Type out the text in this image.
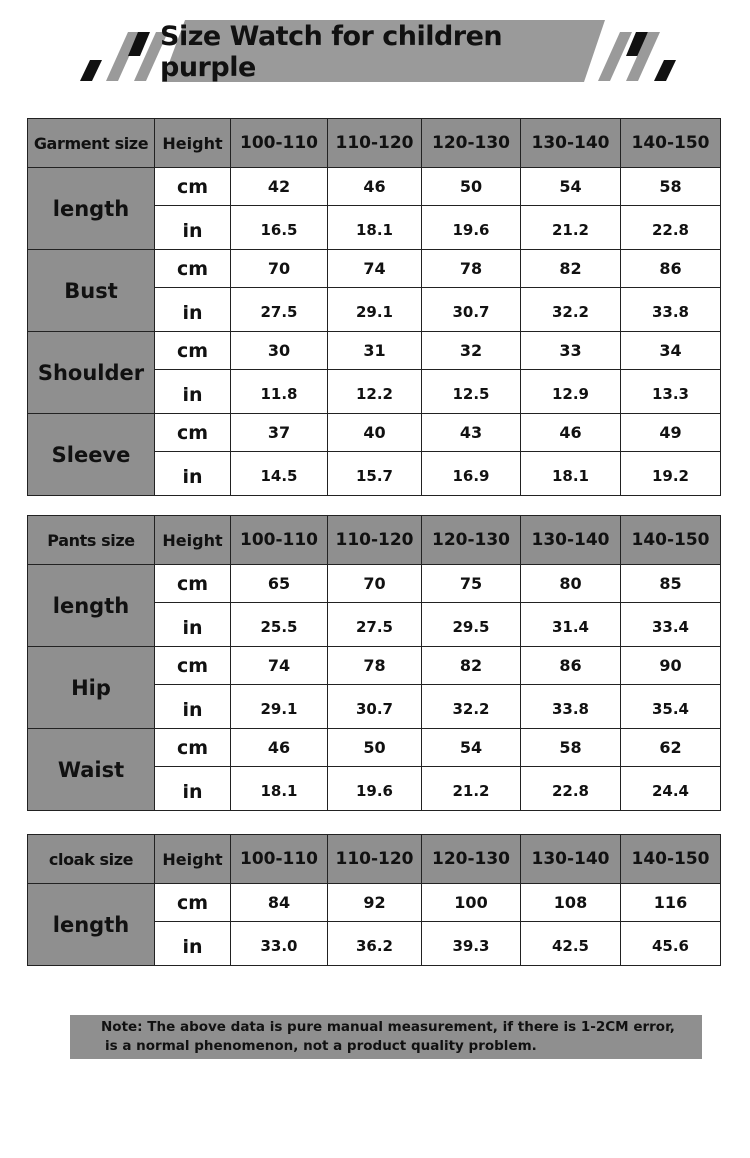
Size Watch for children purple
Garment size	Height	100-110	110-120	120-130	130-140	140-150
length	cm	42	46	50	54	58
	in	16.5	18.1	19.6	21.2	22.8
Bust	cm	70	74	78	82	86
	in	27.5	29.1	30.7	32.2	33.8
Shoulder	cm	30	31	32	33	34
	in	11.8	12.2	12.5	12.9	13.3
Sleeve	cm	37	40	43	46	49
	in	14.5	15.7	16.9	18.1	19.2
Pants size	Height	100-110	110-120	120-130	130-140	140-150
length	cm	65	70	75	80	85
	in	25.5	27.5	29.5	31.4	33.4
Hip	cm	74	78	82	86	90
	in	29.1	30.7	32.2	33.8	35.4
Waist	cm	46	50	54	58	62
	in	18.1	19.6	21.2	22.8	24.4
cloak size	Height	100-110	110-120	120-130	130-140	140-150
length	cm	84	92	100	108	116
	in	33.0	36.2	39.3	42.5	45.6
Note: The above data is pure manual measurement, if there is 1-2CM error,
is a normal phenomenon, not a product quality problem.
